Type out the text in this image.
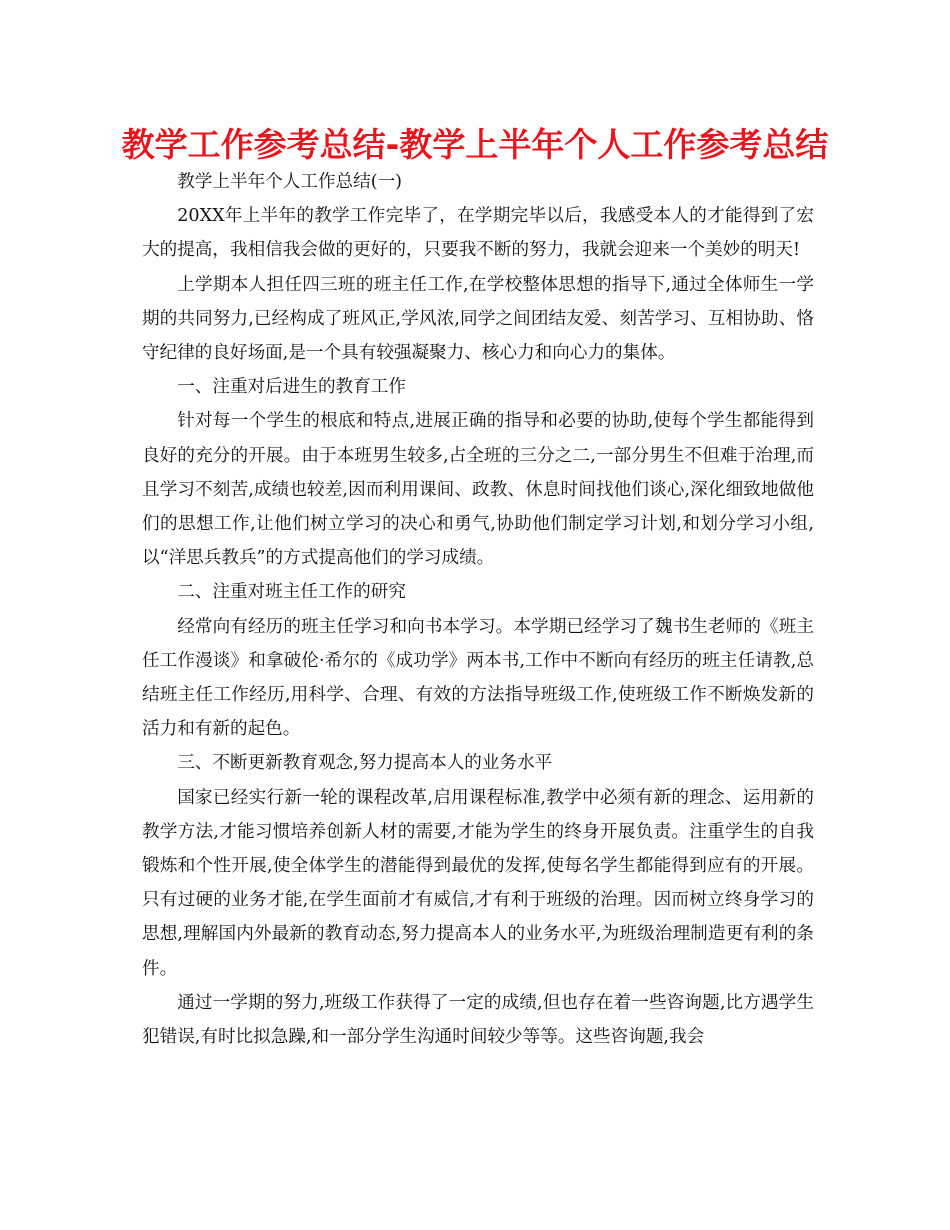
教学工作参考总结-教学上半年个人工作参考总结

教学上半年个人工作总结(一)

20XX年上半年的教学工作完毕了，在学期完毕以后，我感受本人的才能得到了宏大的提高，我相信我会做的更好的，只要我不断的努力，我就会迎来一个美妙的明天!

上学期本人担任四三班的班主任工作,在学校整体思想的指导下,通过全体师生一学期的共同努力,已经构成了班风正,学风浓,同学之间团结友爱、刻苦学习、互相协助、恪守纪律的良好场面,是一个具有较强凝聚力、核心力和向心力的集体。

一、注重对后进生的教育工作

针对每一个学生的根底和特点,进展正确的指导和必要的协助,使每个学生都能得到良好的充分的开展。由于本班男生较多,占全班的三分之二,一部分男生不但难于治理,而且学习不刻苦,成绩也较差,因而利用课间、政教、休息时间找他们谈心,深化细致地做他们的思想工作,让他们树立学习的决心和勇气,协助他们制定学习计划,和划分学习小组,以“洋思兵教兵”的方式提高他们的学习成绩。

二、注重对班主任工作的研究

经常向有经历的班主任学习和向书本学习。本学期已经学习了魏书生老师的《班主任工作漫谈》和拿破伦·希尔的《成功学》两本书,工作中不断向有经历的班主任请教,总结班主任工作经历,用科学、合理、有效的方法指导班级工作,使班级工作不断焕发新的活力和有新的起色。

三、不断更新教育观念,努力提高本人的业务水平

国家已经实行新一轮的课程改革,启用课程标准,教学中必须有新的理念、运用新的教学方法,才能习惯培养创新人材的需要,才能为学生的终身开展负责。注重学生的自我锻炼和个性开展,使全体学生的潜能得到最优的发挥,使每名学生都能得到应有的开展。只有过硬的业务才能,在学生面前才有威信,才有利于班级的治理。因而树立终身学习的思想,理解国内外最新的教育动态,努力提高本人的业务水平,为班级治理制造更有利的条件。

通过一学期的努力,班级工作获得了一定的成绩,但也存在着一些咨询题,比方遇学生犯错误,有时比拟急躁,和一部分学生沟通时间较少等等。这些咨询题,我会
